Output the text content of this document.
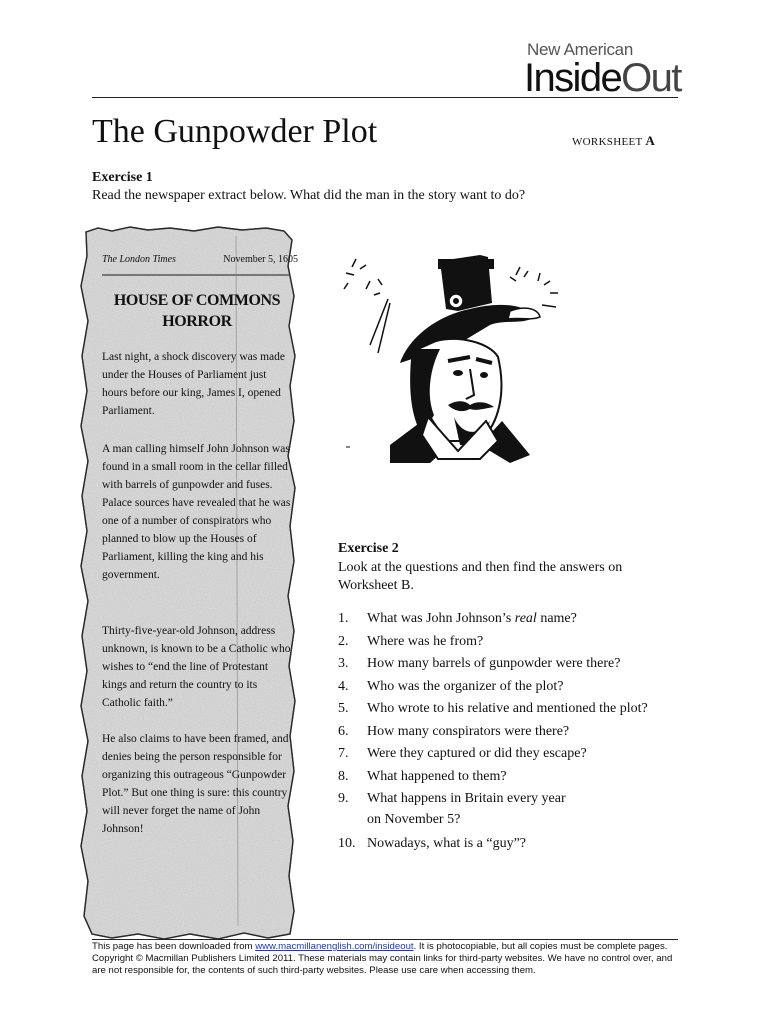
New American
InsideOut
The Gunpowder Plot	WORKSHEET A
Exercise 1
Read the newspaper extract below. What did the man in the story want to do?
The London Times	November 5, 1605
HOUSE OF COMMONS
HORROR
Last night, a shock discovery was made under the Houses of Parliament just hours before our king, James I, opened Parliament.
A man calling himself John Johnson was found in a small room in the cellar filled with barrels of gunpowder and fuses. Palace sources have revealed that he was one of a number of conspirators who planned to blow up the Houses of Parliament, killing the king and his government.
Thirty-five-year-old Johnson, address unknown, is known to be a Catholic who wishes to “end the line of Protestant kings and return the country to its Catholic faith.”
He also claims to have been framed, and denies being the person responsible for organizing this outrageous “Gunpowder Plot.” But one thing is sure: this country will never forget the name of John Johnson!
Exercise 2
Look at the questions and then find the answers on Worksheet B.
1.	What was John Johnson’s real name?
2.	Where was he from?
3.	How many barrels of gunpowder were there?
4.	Who was the organizer of the plot?
5.	Who wrote to his relative and mentioned the plot?
6.	How many conspirators were there?
7.	Were they captured or did they escape?
8.	What happened to them?
9.	What happens in Britain every year
on November 5?
10. Nowadays, what is a “guy”?
This page has been downloaded from www.macmillanenglish.com/insideout. It is photocopiable, but all copies must be complete pages. Copyright © Macmillan Publishers Limited 2011. These materials may contain links for third-party websites. We have no control over, and are not responsible for, the contents of such third-party websites. Please use care when accessing them.
